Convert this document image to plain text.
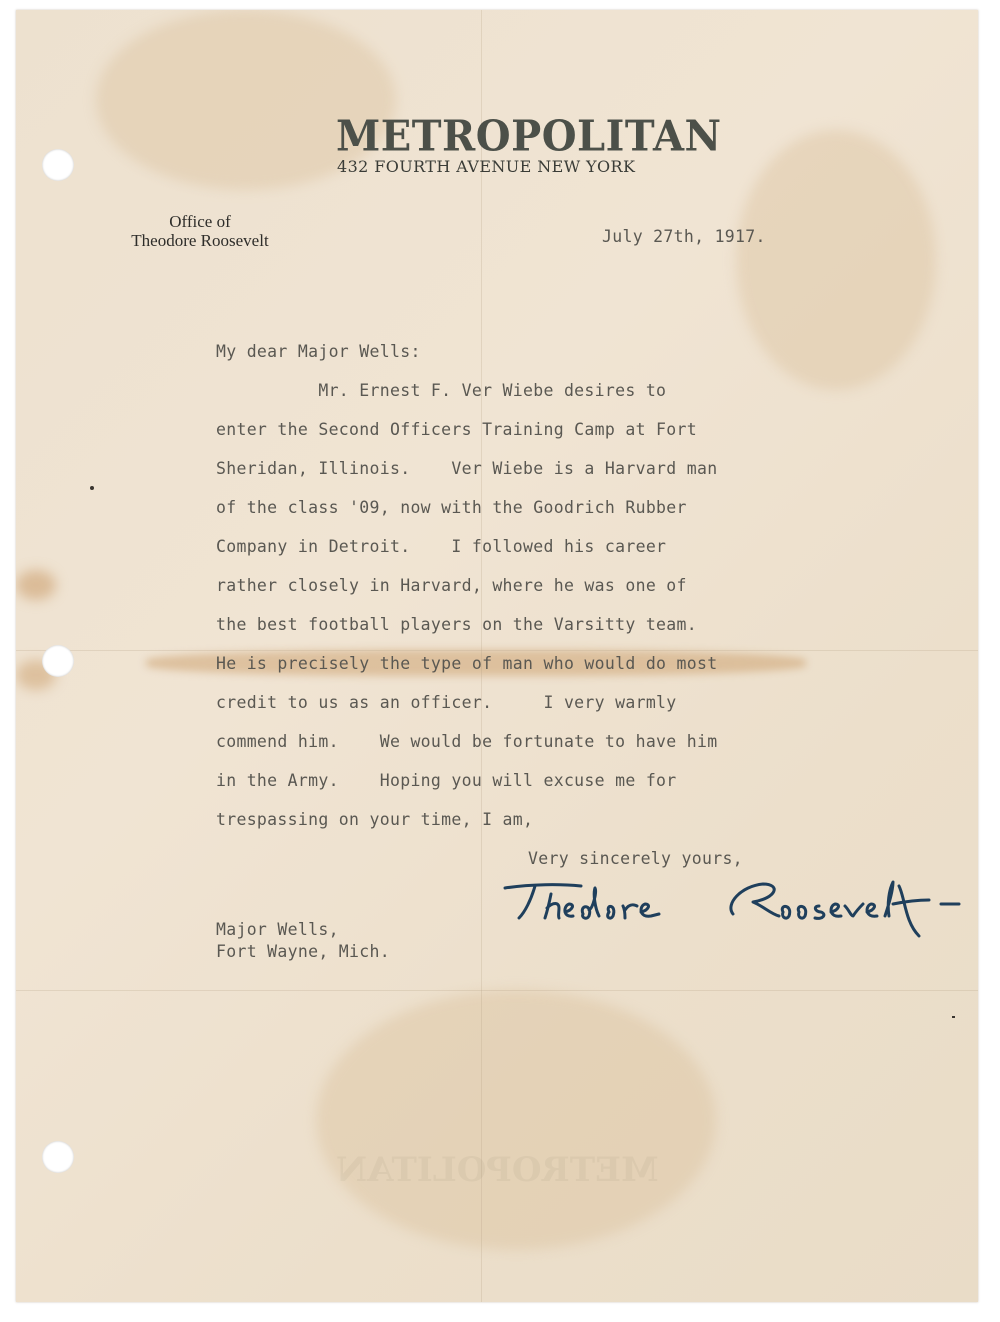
METROPOLITAN
432 FOURTH AVENUE NEW YORK
Office of
Theodore Roosevelt	July 27th, 1917.
My dear Major Wells:
Mr. Ernest F. Ver Wiebe desires to
enter the Second Officers Training Camp at Fort
Sheridan, Illinois.    Ver Wiebe is a Harvard man
of the class '09, now with the Goodrich Rubber
Company in Detroit.    I followed his career
rather closely in Harvard, where he was one of
the best football players on the Varsitty team.
He is precisely the type of man who would do most
credit to us as an officer.     I very warmly
commend him.    We would be fortunate to have him
in the Army.    Hoping you will excuse me for
trespassing on your time, I am,
Very sincerely yours,
Major Wells,
Fort Wayne, Mich.
METROPOLITAN
